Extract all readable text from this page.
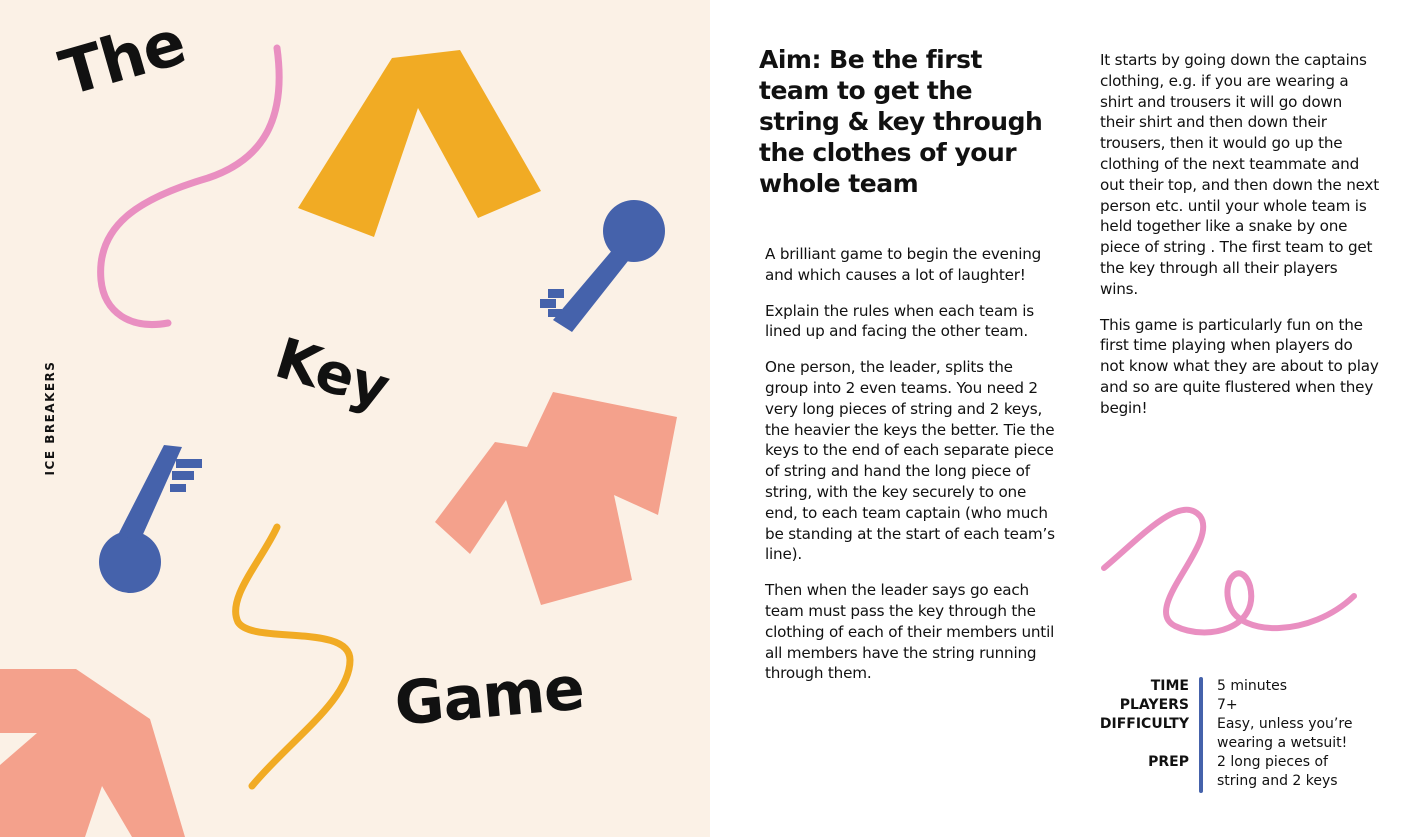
The
Key
Game
ICE BREAKERS
Aim: Be the first team to get the string & key through the clothes of your whole team

A brilliant game to begin the evening and which causes a lot of laughter!

Explain the rules when each team is lined up and facing the other team.

One person, the leader, splits the group into 2 even teams. You need 2 very long pieces of string and 2 keys, the heavier the keys the better. Tie the keys to the end of each separate piece of string and hand the long piece of string, with the key securely to one end, to each team captain (who much be standing at the start of each team’s line).

Then when the leader says go each team must pass the key through the clothing of each of their members until all members have the string running through them.

It starts by going down the captains clothing, e.g. if you are wearing a shirt and trousers it will go down their shirt and then down their trousers, then it would go up the clothing of the next teammate and out their top, and then down the next person etc. until your whole team is held together like a snake by one piece of string . The first team to get the key through all their players wins.

This game is particularly fun on the first time playing when players do not know what they are about to play and so are quite flustered when they begin!

TIME 5 minutes
PLAYERS 7+
DIFFICULTY Easy, unless you’re wearing a wetsuit!
PREP 2 long pieces of string and 2 keys
